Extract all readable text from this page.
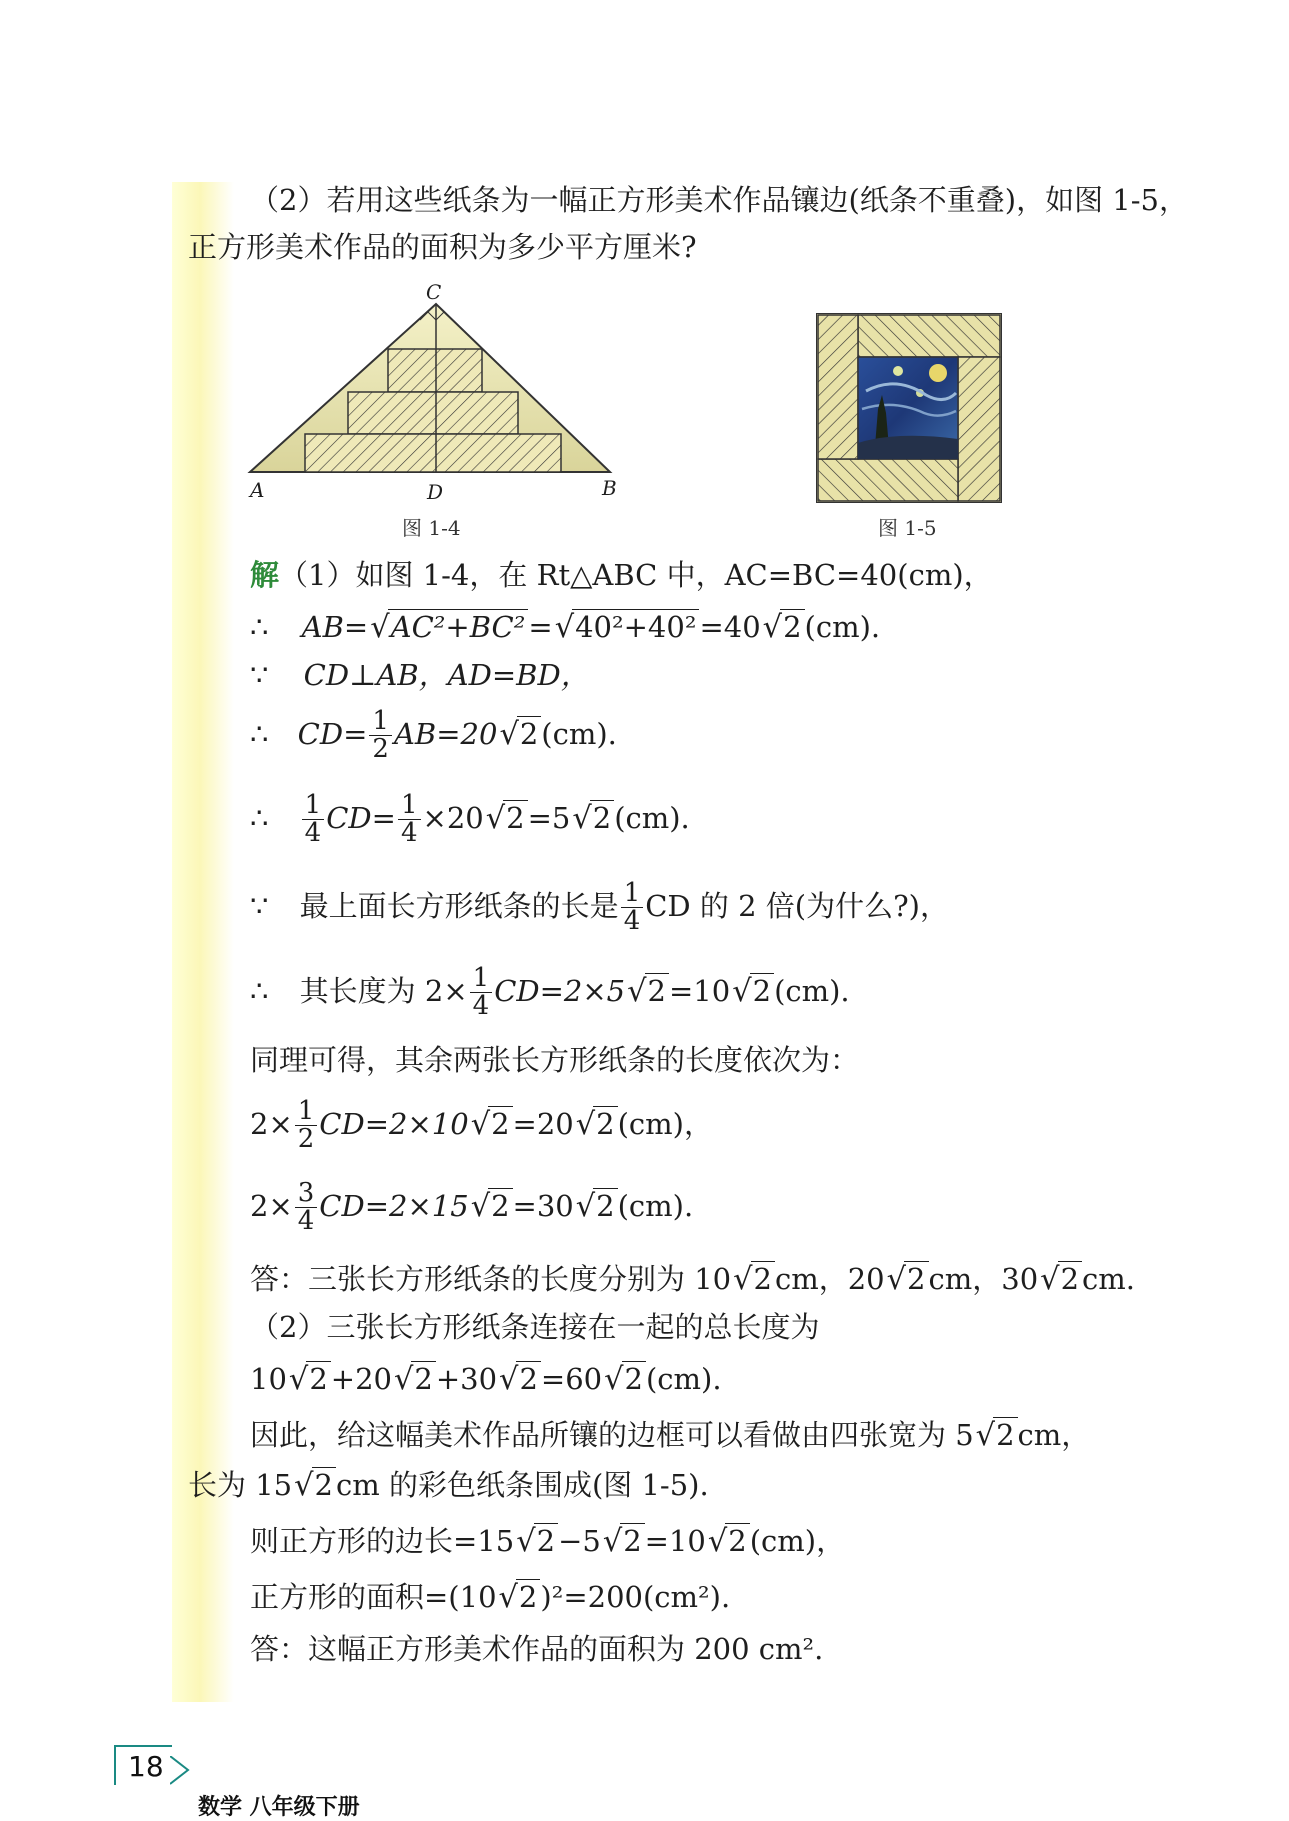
（2）若用这些纸条为一幅正方形美术作品镶边(纸条不重叠)，如图 1-5，
正方形美术作品的面积为多少平方厘米?
C
A	D	B
图 1-4	图 1-5
解（1）如图 1-4，在 Rt△ABC 中，AC=BC=40(cm)，
∴ AB=√AC²+BC² =√40²+40² =40√2 (cm).
∵ CD⊥AB，AD=BD，
∴ $CD= \frac{1}{2} AB=20√2$ (cm).
∴ $\frac{1}{4} CD= \frac{1}{4} \times 20√2 =5√2$ (cm).
∵ 最上面长方形纸条的长是 $\frac{1}{4}$ CD 的 2 倍(为什么?)，
∴ 其长度为 $2\times \frac{1}{4} CD=2\times 5√2 =10√2$ (cm).
同理可得，其余两张长方形纸条的长度依次为：
$2\times \frac{1}{2} CD=2\times 10√2 =20√2$ (cm)，
$2\times \frac{3}{4} CD=2\times 15√2 =30√2$ (cm).
答：三张长方形纸条的长度分别为 10√2 cm，20√2 cm，30√2 cm.
（2）三张长方形纸条连接在一起的总长度为
10√2 +20√2 +30√2 =60√2 (cm).
因此，给这幅美术作品所镶的边框可以看做由四张宽为 5√2 cm，
长为 15√2 cm 的彩色纸条围成(图 1-5).
则正方形的边长=15√2 −5√2 =10√2 (cm)，
正方形的面积=(10√2 )²=200(cm²).
答：这幅正方形美术作品的面积为 200 cm².
18
数学 八年级下册
